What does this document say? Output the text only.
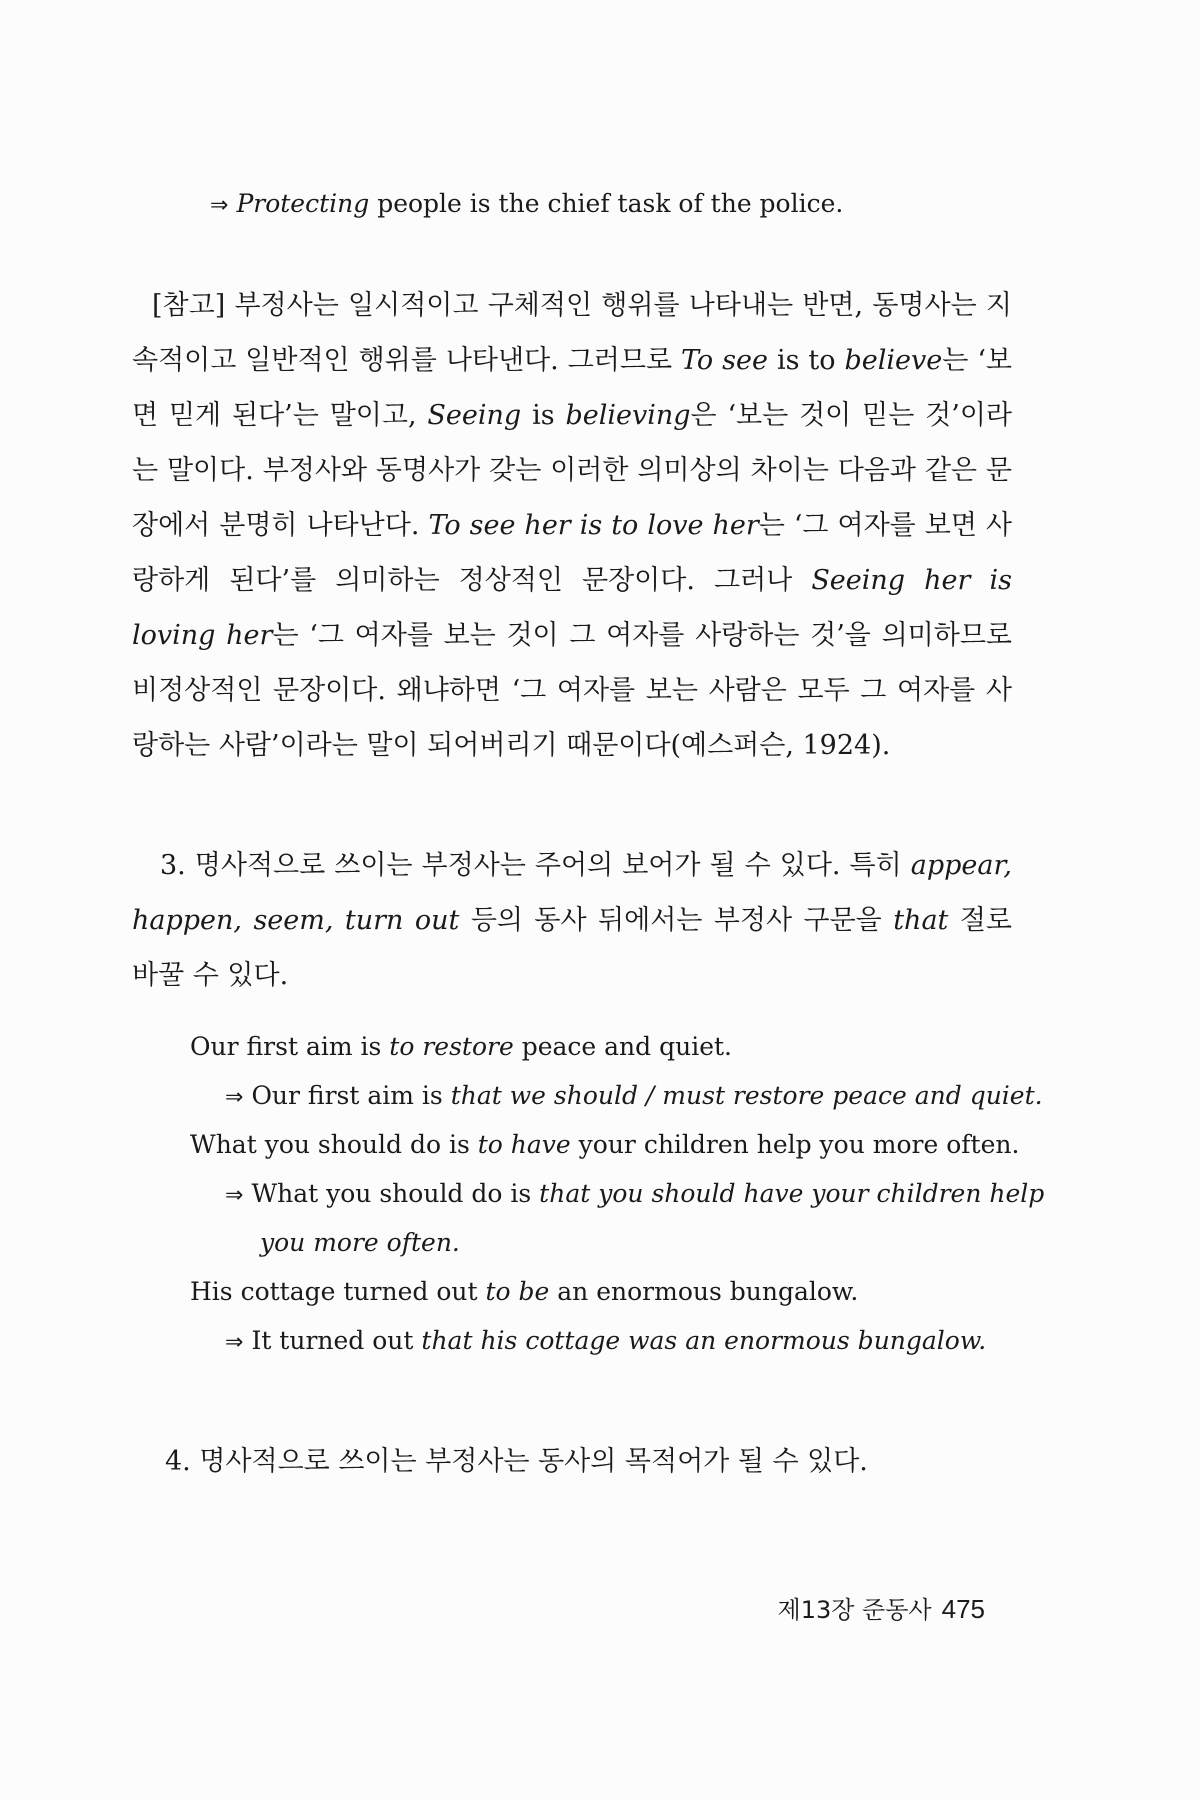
⇒ Protecting people is the chief task of the police.
[참고] 부정사는 일시적이고 구체적인 행위를 나타내는 반면, 동명사는 지속적이고 일반적인 행위를 나타낸다. 그러므로 To see is to believe는 ‘보면 믿게 된다’는 말이고, Seeing is believing은 ‘보는 것이 믿는 것’이라는 말이다. 부정사와 동명사가 갖는 이러한 의미상의 차이는 다음과 같은 문장에서 분명히 나타난다. To see her is to love her는 ‘그 여자를 보면 사랑하게 된다’를 의미하는 정상적인 문장이다. 그러나 Seeing her is loving her는 ‘그 여자를 보는 것이 그 여자를 사랑하는 것’을 의미하므로 비정상적인 문장이다. 왜냐하면 ‘그 여자를 보는 사람은 모두 그 여자를 사랑하는 사람’이라는 말이 되어버리기 때문이다(예스퍼슨, 1924).
3. 명사적으로 쓰이는 부정사는 주어의 보어가 될 수 있다. 특히 appear, happen, seem, turn out 등의 동사 뒤에서는 부정사 구문을 that 절로 바꿀 수 있다.
Our first aim is to restore peace and quiet.
⇒ Our first aim is that we should / must restore peace and quiet.
What you should do is to have your children help you more often.
⇒ What you should do is that you should have your children help
you more often.
His cottage turned out to be an enormous bungalow.
⇒ It turned out that his cottage was an enormous bungalow.
4. 명사적으로 쓰이는 부정사는 동사의 목적어가 될 수 있다.
제13장 준동사 475
